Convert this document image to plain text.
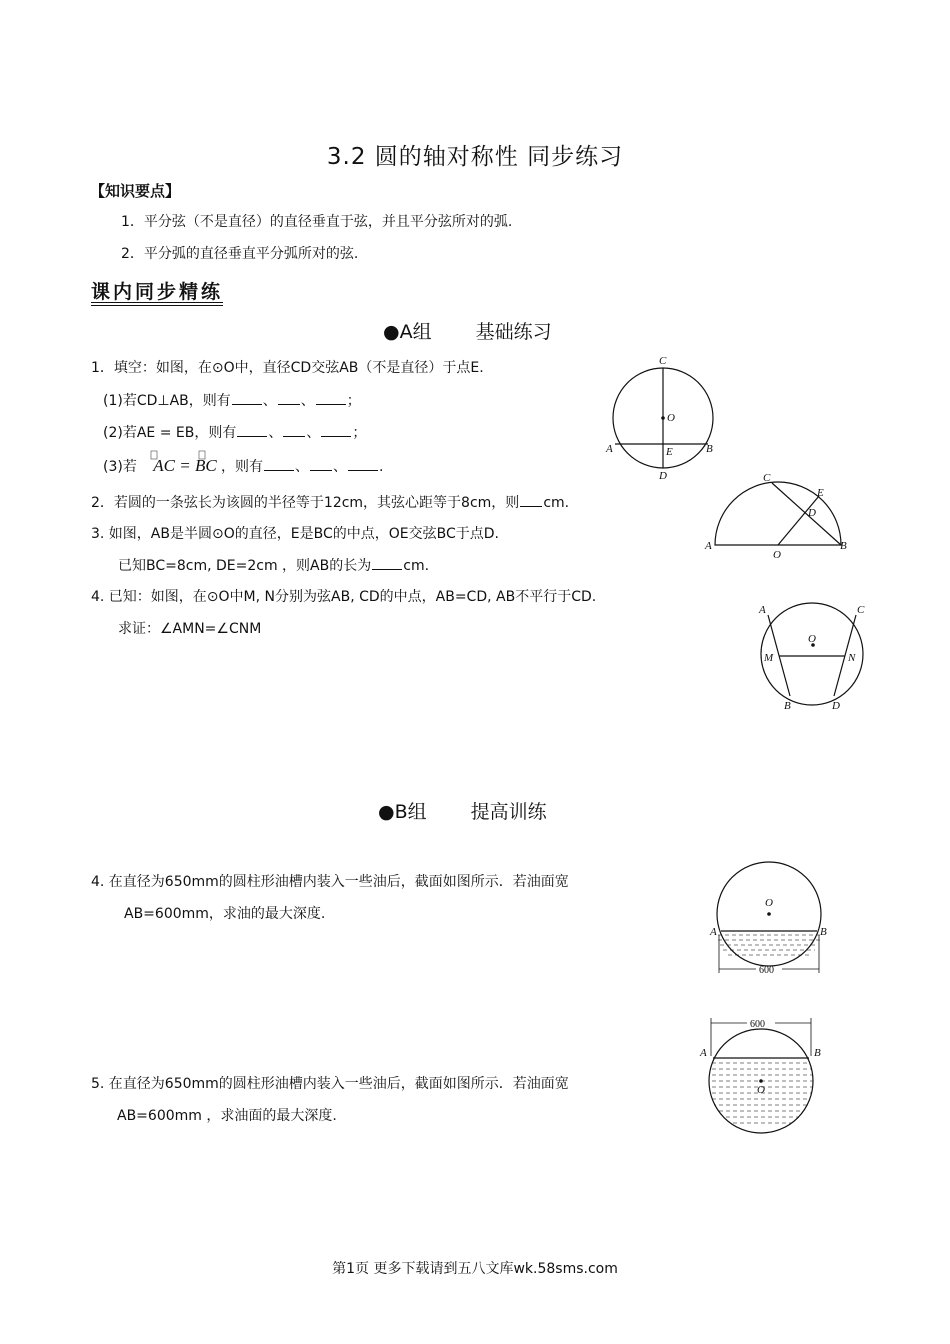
3.2 圆的轴对称性 同步练习
【知识要点】
1．平分弦（不是直径）的直径垂直于弦，并且平分弦所对的弧.
2．平分弧的直径垂直平分弧所对的弦.
课内同步精练
●A组 基础练习
1．填空：如图，在⊙O中，直径CD交弦AB（不是直径）于点E.
(1)若CD⊥AB，则有 、 、 ；
(2)若AE = EB，则有 、 、 ；
(3)若 AC = BC ，则有 、 、 .
2．若圆的一条弦长为该圆的半径等于12cm，其弦心距等于8cm，则 cm.
3. 如图，AB是半圆⊙O的直径，E是BC的中点，OE交弦BC于点D.
已知BC=8cm, DE=2cm ，则AB的长为 cm.
4. 已知：如图，在⊙O中M, N分别为弦AB, CD的中点，AB=CD, AB不平行于CD.
求证：∠AMN=∠CNM
●B组 提高训练
4. 在直径为650mm的圆柱形油槽内装入一些油后，截面如图所示．若油面宽
AB=600mm，求油的最大深度.
5. 在直径为650mm的圆柱形油槽内装入一些油后，截面如图所示．若油面宽
AB=600mm ，求油面的最大深度.
C
O
A	E	B
D	C
E
D
A
O
B
A	C
O
M	N
B	D
O
A	B
600
600
A	B
O
第1页 更多下载请到五八文库wk.58sms.com
